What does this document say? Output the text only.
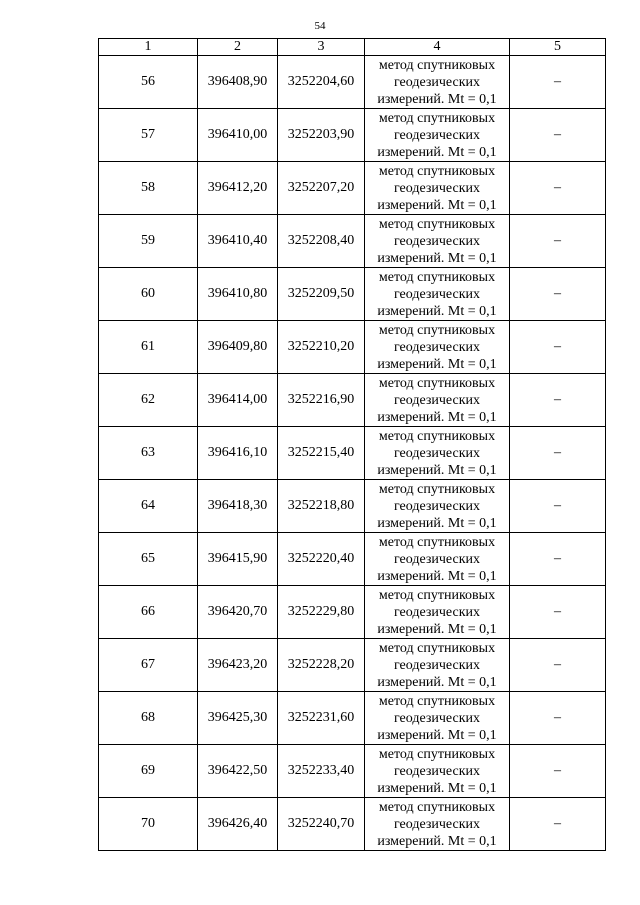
54
1	2	3	4	5
56	396408,90	3252204,60	метод спутниковых
геодезических
измерений. Mt = 0,1	–
57	396410,00	3252203,90	метод спутниковых
геодезических
измерений. Mt = 0,1	–
58	396412,20	3252207,20	метод спутниковых
геодезических
измерений. Mt = 0,1	–
59	396410,40	3252208,40	метод спутниковых
геодезических
измерений. Mt = 0,1	–
60	396410,80	3252209,50	метод спутниковых
геодезических
измерений. Mt = 0,1	–
61	396409,80	3252210,20	метод спутниковых
геодезических
измерений. Mt = 0,1	–
62	396414,00	3252216,90	метод спутниковых
геодезических
измерений. Mt = 0,1	–
63	396416,10	3252215,40	метод спутниковых
геодезических
измерений. Mt = 0,1	–
64	396418,30	3252218,80	метод спутниковых
геодезических
измерений. Mt = 0,1	–
65	396415,90	3252220,40	метод спутниковых
геодезических
измерений. Mt = 0,1	–
66	396420,70	3252229,80	метод спутниковых
геодезических
измерений. Mt = 0,1	–
67	396423,20	3252228,20	метод спутниковых
геодезических
измерений. Mt = 0,1	–
68	396425,30	3252231,60	метод спутниковых
геодезических
измерений. Mt = 0,1	–
69	396422,50	3252233,40	метод спутниковых
геодезических
измерений. Mt = 0,1	–
70	396426,40	3252240,70	метод спутниковых
геодезических
измерений. Mt = 0,1	–
